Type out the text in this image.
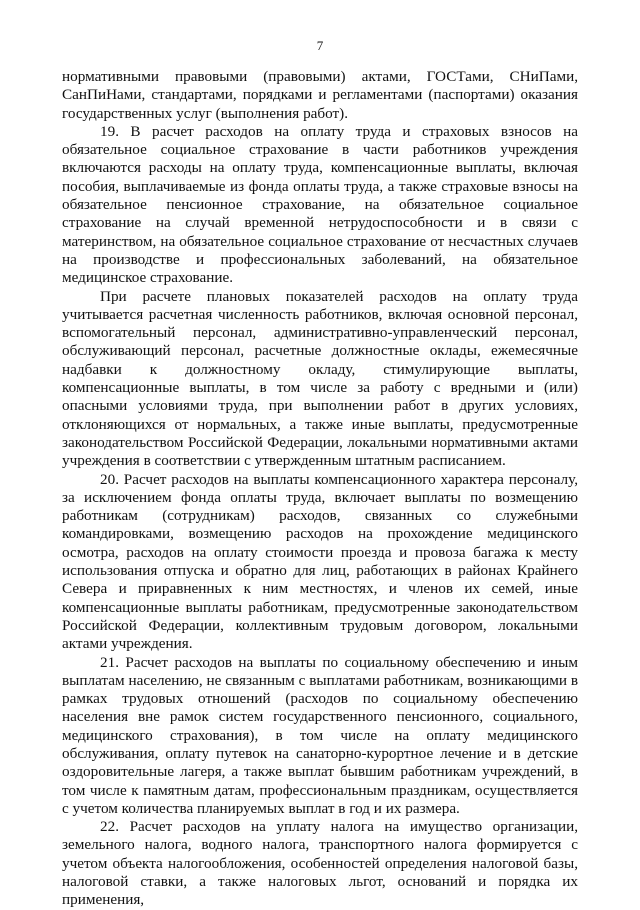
7

нормативными правовыми (правовыми) актами, ГОСТами, СНиПами, СанПиНами, стандартами, порядками и регламентами (паспортами) оказания государственных услуг (выполнения работ).

19. В расчет расходов на оплату труда и страховых взносов на обязательное социальное страхование в части работников учреждения включаются расходы на оплату труда, компенсационные выплаты, включая пособия, выплачиваемые из фонда оплаты труда, а также страховые взносы на обязательное пенсионное страхование, на обязательное социальное страхование на случай временной нетрудоспособности и в связи с материнством, на обязательное социальное страхование от несчастных случаев на производстве и профессиональных заболеваний, на обязательное медицинское страхование.

При расчете плановых показателей расходов на оплату труда учитывается расчетная численность работников, включая основной персонал, вспомогательный персонал, административно-управленческий персонал, обслуживающий персонал, расчетные должностные оклады, ежемесячные надбавки к должностному окладу, стимулирующие выплаты, компенсационные выплаты, в том числе за работу с вредными и (или) опасными условиями труда, при выполнении работ в других условиях, отклоняющихся от нормальных, а также иные выплаты, предусмотренные законодательством Российской Федерации, локальными нормативными актами учреждения в соответствии с утвержденным штатным расписанием.

20. Расчет расходов на выплаты компенсационного характера персоналу, за исключением фонда оплаты труда, включает выплаты по возмещению работникам (сотрудникам) расходов, связанных со служебными командировками, возмещению расходов на прохождение медицинского осмотра, расходов на оплату стоимости проезда и провоза багажа к месту использования отпуска и обратно для лиц, работающих в районах Крайнего Севера и приравненных к ним местностях, и членов их семей, иные компенсационные выплаты работникам, предусмотренные законодательством Российской Федерации, коллективным трудовым договором, локальными актами учреждения.

21. Расчет расходов на выплаты по социальному обеспечению и иным выплатам населению, не связанным с выплатами работникам, возникающими в рамках трудовых отношений (расходов по социальному обеспечению населения вне рамок систем государственного пенсионного, социального, медицинского страхования), в том числе на оплату медицинского обслуживания, оплату путевок на санаторно-курортное лечение и в детские оздоровительные лагеря, а также выплат бывшим работникам учреждений, в том числе к памятным датам, профессиональным праздникам, осуществляется с учетом количества планируемых выплат в год и их размера.

22. Расчет расходов на уплату налога на имущество организации, земельного налога, водного налога, транспортного налога формируется с учетом объекта налогообложения, особенностей определения налоговой базы, налоговой ставки, а также налоговых льгот, оснований и порядка их применения,
